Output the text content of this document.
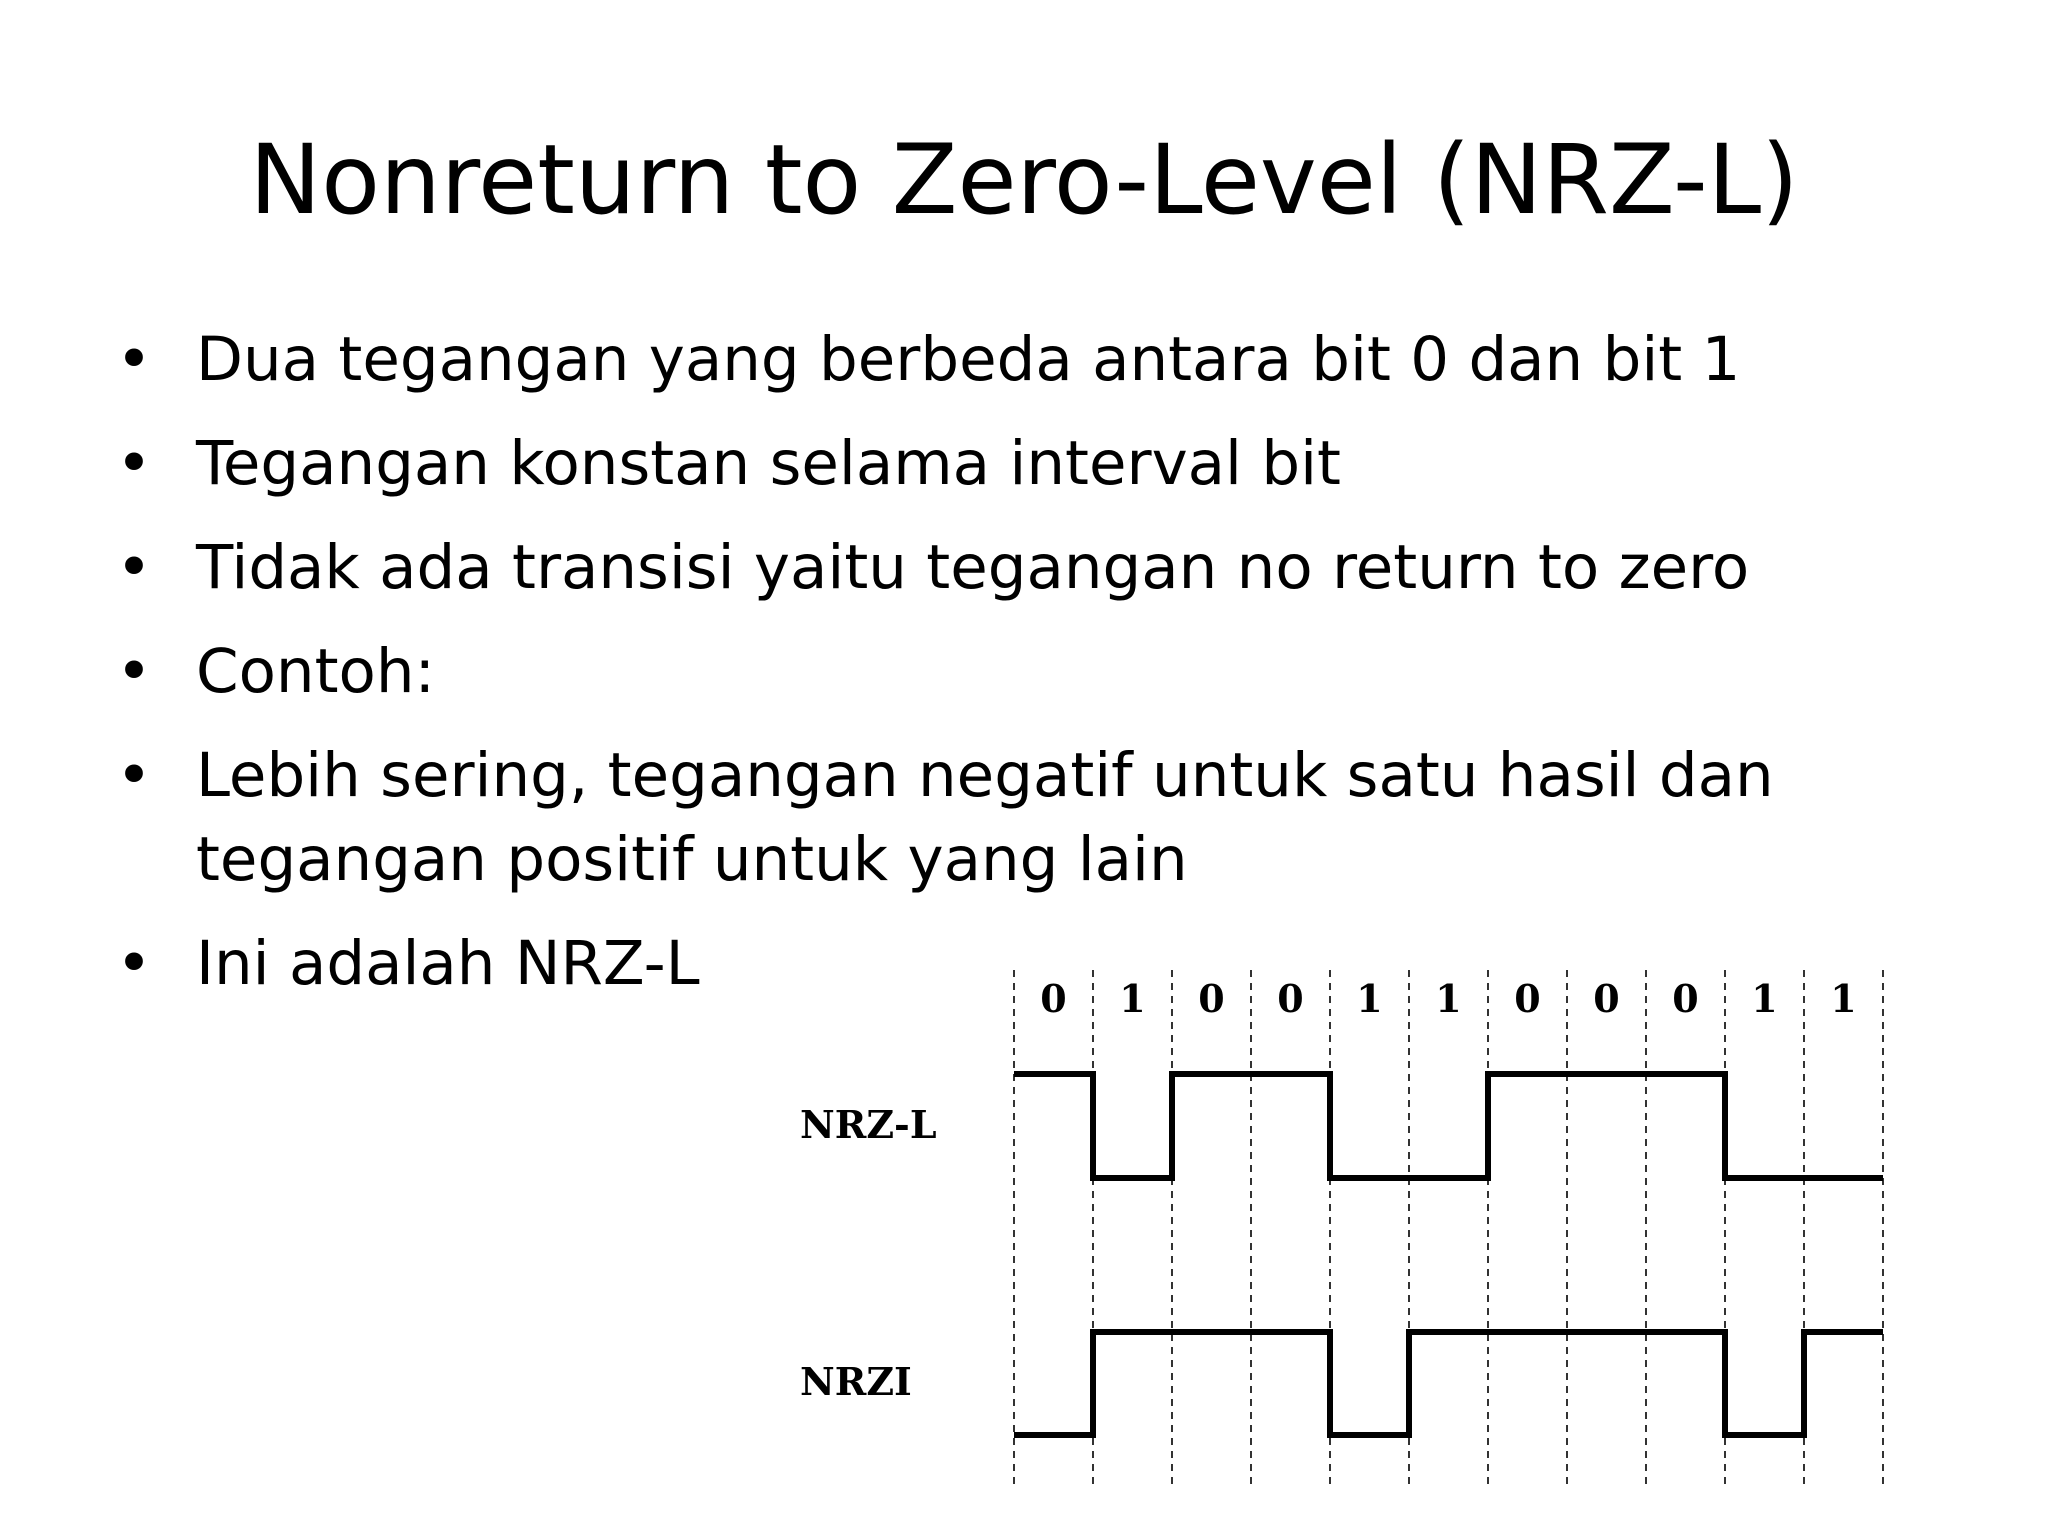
Nonreturn to Zero-Level (NRZ-L)
• Dua tegangan yang berbeda antara bit 0 dan bit 1
• Tegangan konstan selama interval bit
• Tidak ada transisi yaitu tegangan no return to zero
• Contoh:
• Lebih sering, tegangan negatif untuk satu hasil dan
tegangan positif untuk yang lain
• Ini adalah NRZ-L	0 1 0 0 1 1 0 0 0 1 1
NRZ-L
NRZI
